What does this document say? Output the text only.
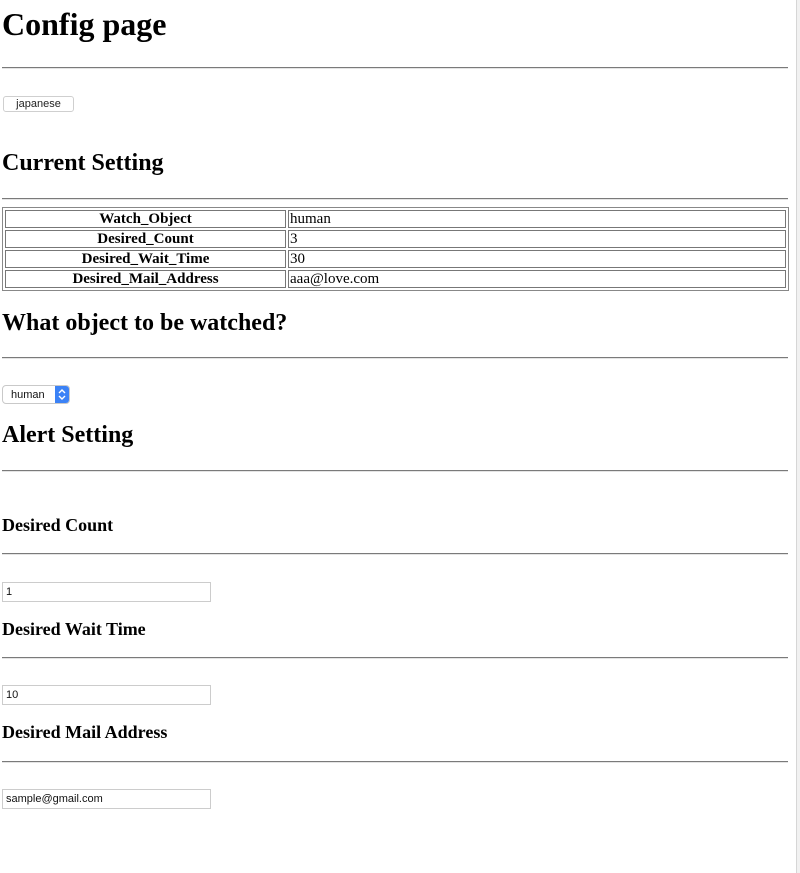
Config page
japanese
Current Setting
Watch_Object	human
Desired_Count	3
Desired_Wait_Time	30
Desired_Mail_Address	aaa@love.com
What object to be watched?
human
Alert Setting
Desired Count
1
Desired Wait Time
10
Desired Mail Address
sample@gmail.com
